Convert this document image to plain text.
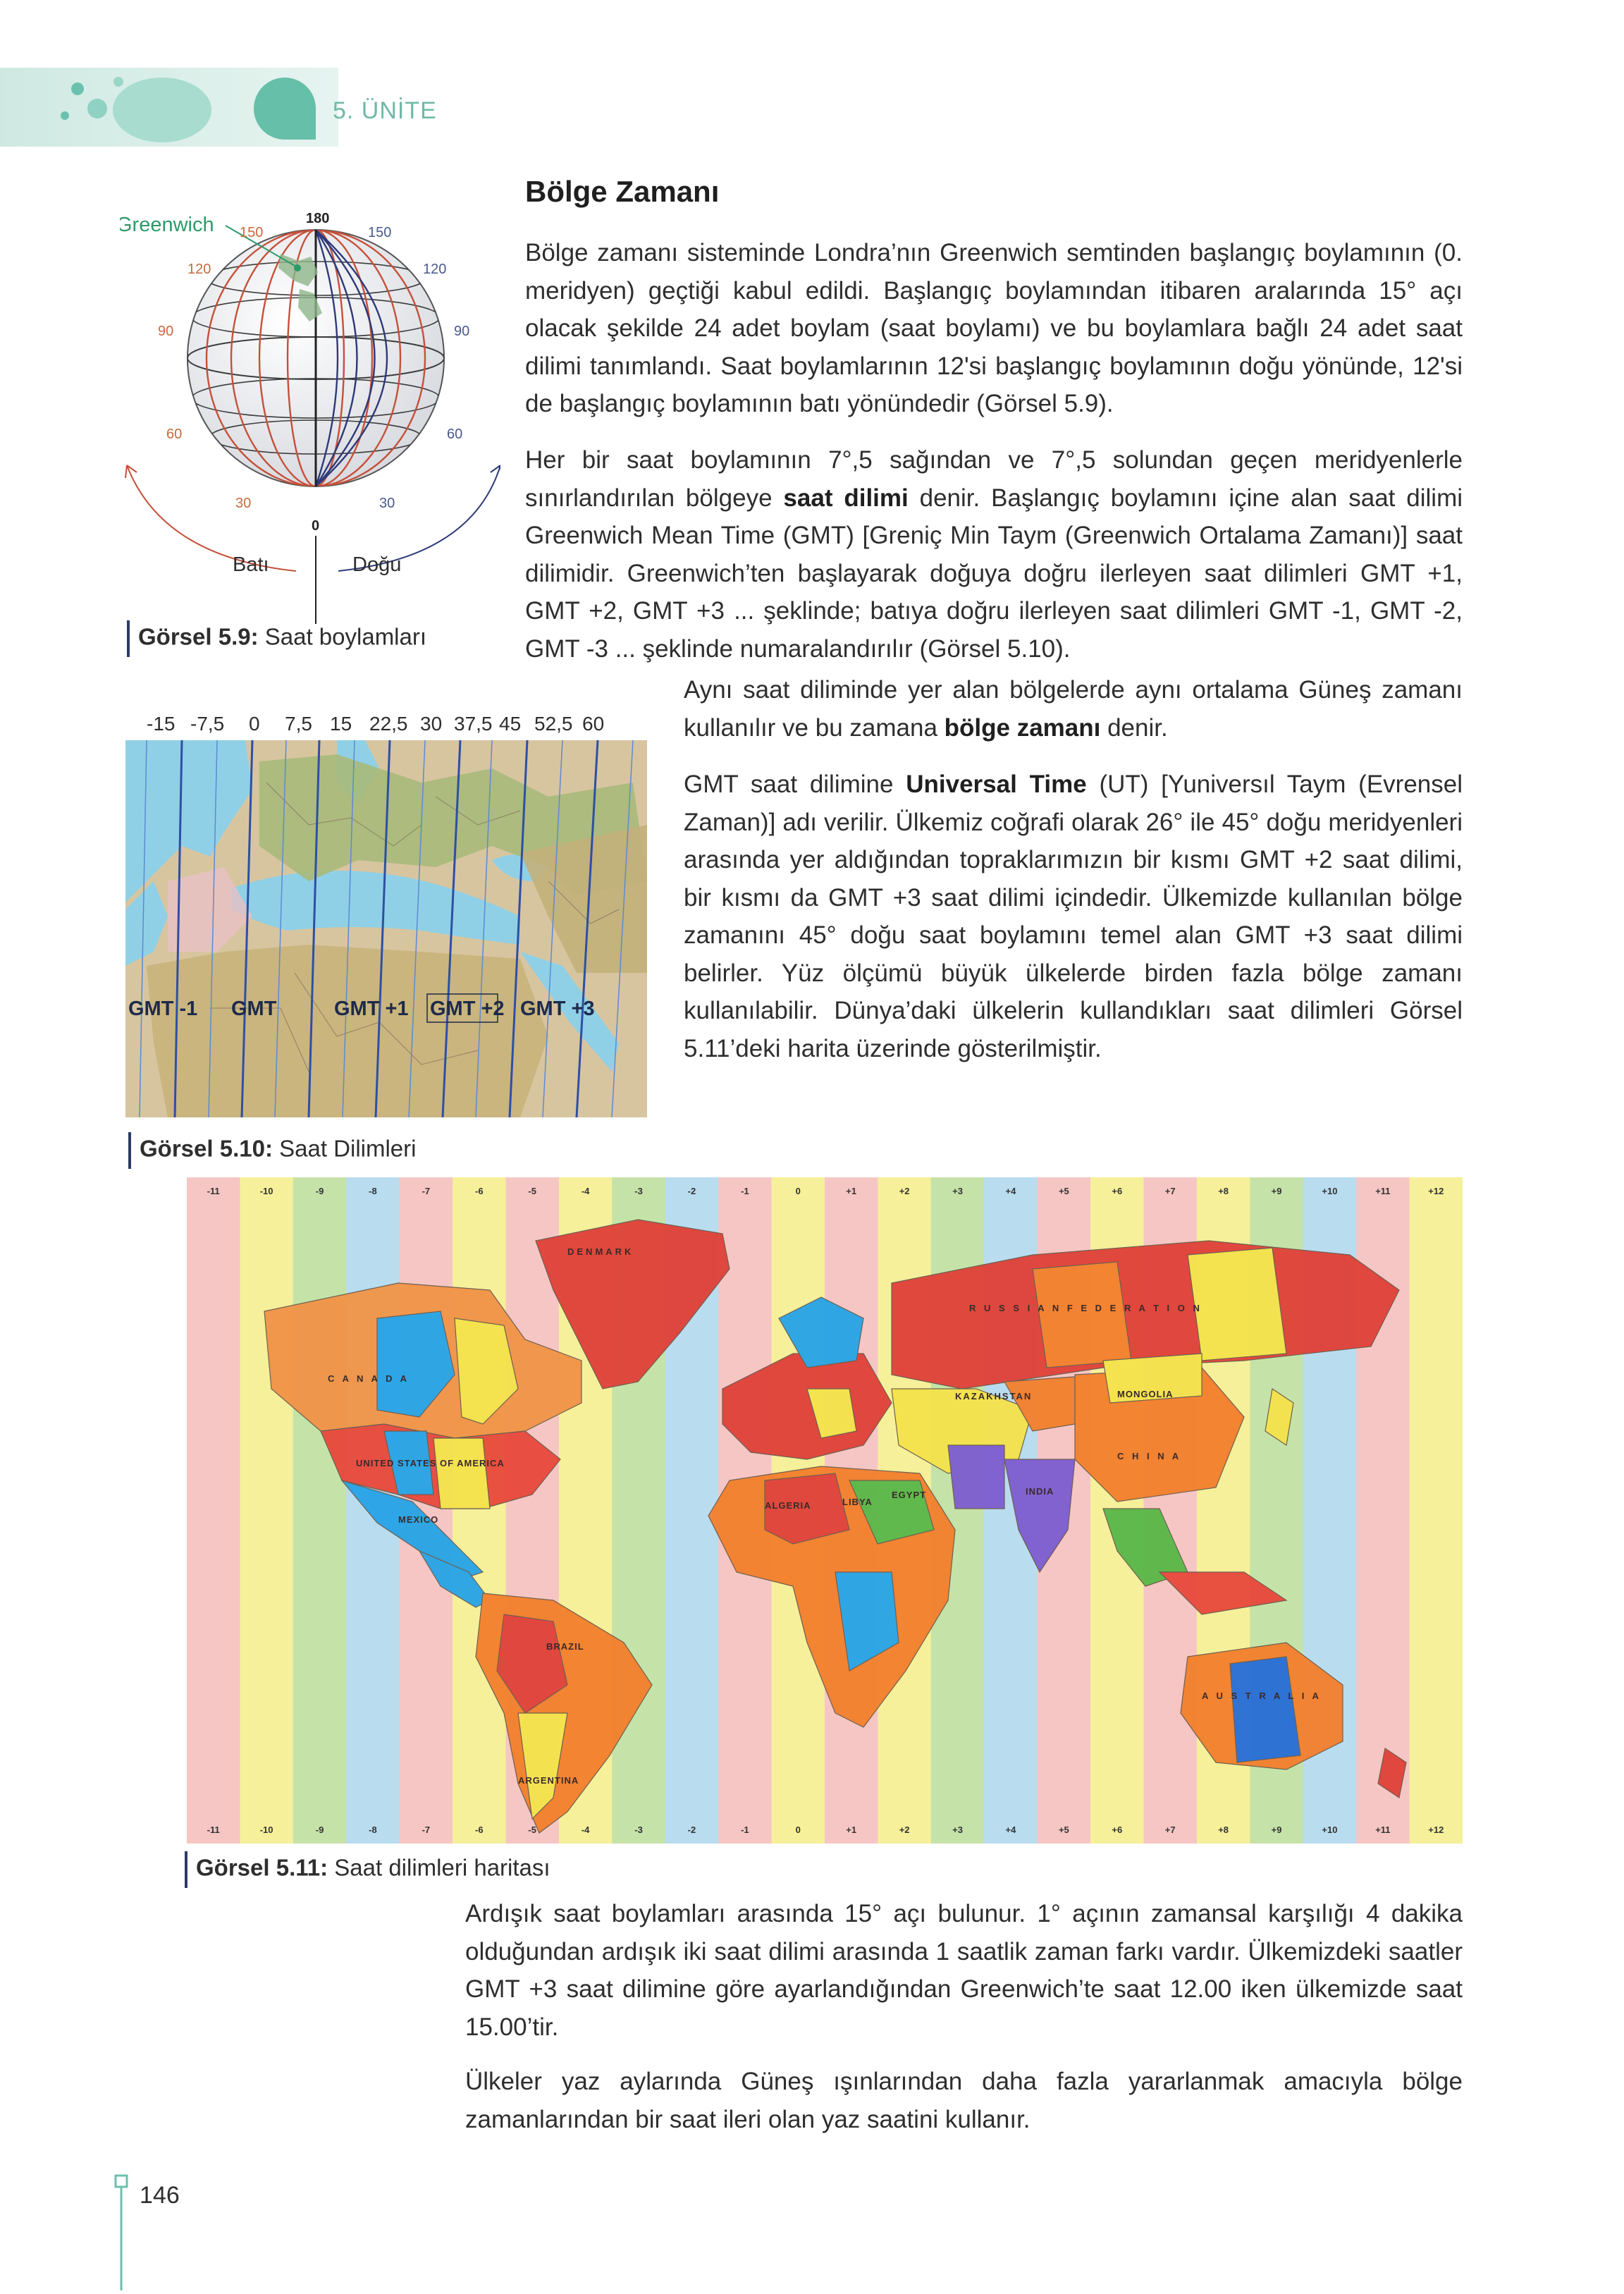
5. ÜNİTE
Greenwich	180
150
120
90
60
30
150
120
90
60
30
0
Batı	Doğu
Görsel 5.9: Saat boylamları
Bölge Zamanı
Bölge zamanı sisteminde Londra’nın Greenwich semtinden başlangıç boylamının (0. meridyen) geçtiği kabul edildi. Başlangıç boylamından itibaren aralarında 15° açı olacak şekilde 24 adet boylam (saat boylamı) ve bu boylamlara bağlı 24 adet saat dilimi tanımlandı. Saat boylamlarının 12'si başlangıç boylamının doğu yönünde, 12'si de başlangıç boylamının batı yönündedir (Görsel 5.9).
Her bir saat boylamının 7°,5 sağından ve 7°,5 solundan geçen meridyenlerle sınırlandırılan bölgeye saat dilimi denir. Başlangıç boylamını içine alan saat dilimi Greenwich Mean Time (GMT) [Greniç Min Taym (Greenwich Ortalama Zamanı)] saat dilimidir. Greenwich’ten başlayarak doğuya doğru ilerleyen saat dilimleri GMT +1, GMT +2, GMT +3 ... şeklinde; batıya doğru ilerleyen saat dilimleri GMT -1, GMT -2, GMT -3 ... şeklinde numaralandırılır (Görsel 5.10).
Aynı saat diliminde yer alan bölgelerde aynı ortalama Güneş zamanı kullanılır ve bu zamana bölge zamanı denir.
GMT saat dilimine Universal Time (UT) [Yuniversıl Taym (Evrensel Zaman)] adı verilir. Ülkemiz coğrafi olarak 26° ile 45° doğu meridyenleri arasında yer aldığından topraklarımızın bir kısmı GMT +2 saat dilimi, bir kısmı da GMT +3 saat dilimi içindedir. Ülkemizde kullanılan bölge zamanını 45° doğu saat boylamını temel alan GMT +3 saat dilimi belirler. Yüz ölçümü büyük ülkelerde birden fazla bölge zamanı kullanılabilir. Dünya’daki ülkelerin kullandıkları saat dilimleri Görsel 5.11’deki harita üzerinde gösterilmiştir.
-15 -7,5 0 7,5 15 22,5 30 37,5 45 52,5 60
GMT -1 GMT	GMT +1 GMT +2 GMT +3
Görsel 5.10: Saat Dilimleri
-11	-10	-9	-8	-7	-6	-5	-4	-3	-2	-1	0	+1	+2	+3	+4	+5	+6	+7	+8	+9	+10	+11	+12
-11	-10	-9	-8	-7	-6	-5	-4	-3	-2	-1	0	+1	+2	+3	+4	+5	+6	+7	+8	+9	+10	+11	+12
DENMARK
C A N A D A
UNITED STATES OF AMERICA
MEXICO
BRAZIL
ARGENTINA
R U S S I A N F E D E R A T I O N
KAZAKHSTAN	MONGOLIA
C H I N A
INDIA
A U S T R A L I A
ALGERIA	LIBYA
EGYPT
Görsel 5.11: Saat dilimleri haritası
Ardışık saat boylamları arasında 15° açı bulunur. 1° açının zamansal karşılığı 4 dakika olduğundan ardışık iki saat dilimi arasında 1 saatlik zaman farkı vardır. Ülkemizdeki saatler GMT +3 saat dilimine göre ayarlandığından Greenwich’te saat 12.00 iken ülkemizde saat 15.00’tir.
Ülkeler yaz aylarında Güneş ışınlarından daha fazla yararlanmak amacıyla bölge zamanlarından bir saat ileri olan yaz saatini kullanır.
146
